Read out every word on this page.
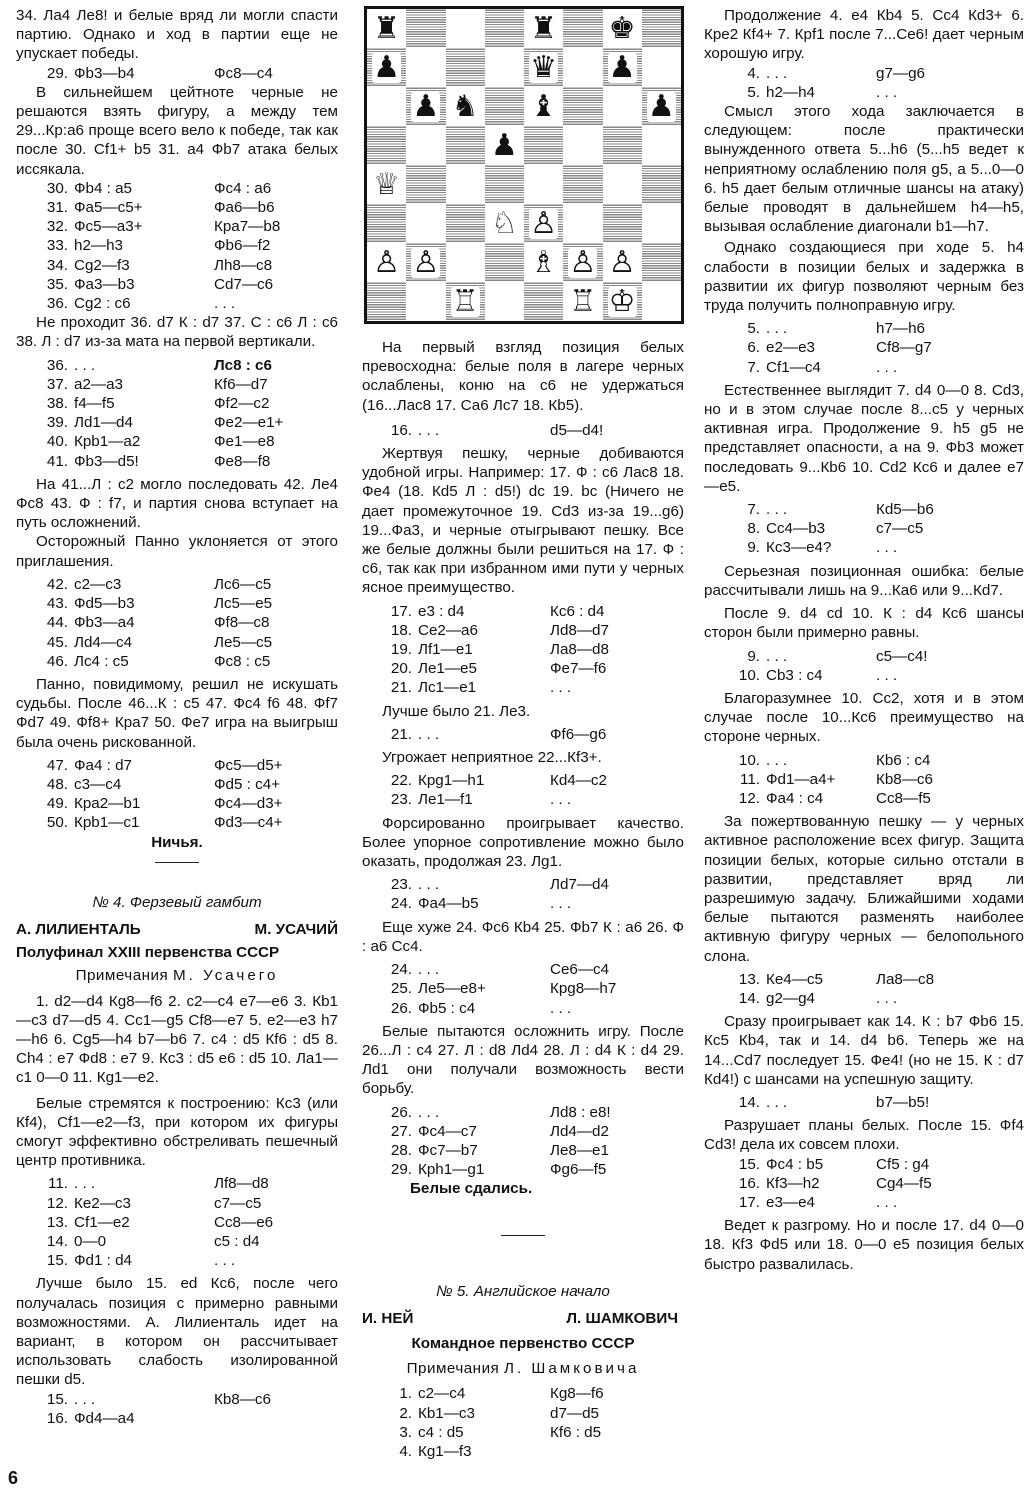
34. Ла4 Ле8! и белые вряд ли могли спасти партию. Однако и ход в партии еще не упускает победы.

29. Фb3—b4	Фc8—c4

В сильнейшем цейтноте черные не решаются взять фигуру, а между тем 29...Кр:а6 проще всего вело к победе, так как после 30. Cf1+ b5 31. а4 Фb7 атака белых иссякала.

30. Фb4 : а5	Фc4 : а6
31. Фа5—c5+	Фа6—b6
32. Фc5—а3+	Кра7—b8
33. h2—h3	Фb6—f2
34. Cg2—f3	Лh8—c8
35. Фа3—b3	Cd7—c6
36. Cg2 : c6	. . .

Не проходит 36. d7 К : d7 37. С : с6 Л : с6 38. Л : d7 из-за мата на первой вертикали.

36. . . .	Лc8 : c6
37. а2—а3	Кf6—d7
38. f4—f5	Фf2—c2
39. Лd1—d4	Фе2—е1+
40. Крb1—а2	Фе1—е8
41. Фb3—d5!	Фе8—f8

На 41...Л : с2 могло последовать 42. Ле4 Фс8 43. Ф : f7, и партия снова вступает на путь осложнений.

Осторожный Панно уклоняется от этого приглашения.

42. c2—c3	Лc6—c5
43. Фd5—b3	Лc5—е5
44. Фb3—а4	Фf8—c8
45. Лd4—c4	Ле5—c5
46. Лc4 : c5	Фc8 : c5

Панно, повидимому, решил не искушать судьбы. После 46...К : с5 47. Фс4 f6 48. Фf7 Фd7 49. Фf8+ Кра7 50. Фе7 игра на выигрыш была очень рискованной.

47. Фа4 : d7	Фc5—d5+
48. c3—c4	Фd5 : c4+
49. Кра2—b1	Фc4—d3+
50. Крb1—c1	Фd3—c4+
Ничья.
№ 4. Ферзевый гамбит
А. ЛИЛИЕНТАЛЬ	М. УСАЧИЙ
Полуфинал XXIII первенства СССР
Примечания М. Усачего

1. d2—d4 Кg8—f6 2. c2—c4 е7—е6 3. Кb1—c3 d7—d5 4. Cc1—g5 Cf8—е7 5. е2—е3 h7—h6 6. Cg5—h4 b7—b6 7. c4 : d5 Кf6 : d5 8. Ch4 : е7 Фd8 : е7 9. Кc3 : d5 е6 : d5 10. Ла1—c1 0—0 11. Кg1—е2.

Белые стремятся к построению: Кс3 (или Кf4), Cf1—е2—f3, при котором их фигуры смогут эффективно обстреливать пешечный центр противника.

11. . . .	Лf8—d8
12. Ке2—c3	c7—c5
13. Cf1—е2	Cc8—е6
14. 0—0	c5 : d4
15. Фd1 : d4	. . .

Лучше было 15. еd Кс6, после чего получалась позиция с примерно равными возможностями. А. Лилиенталь идет на вариант, в котором он рассчитывает использовать слабость изолированной пешки d5.

15. . . .	Кb8—c6
16. Фd4—а4
♜	♜ ♚
♟	♛ ♟
♟ ♞ ♝	♟
♟
♕
♘ ♙
♙ ♙	♗ ♙ ♙
♖	♖ ♔

На первый взгляд позиция белых превосходна: белые поля в лагере черных ослаблены, коню на с6 не удержаться (16...Лас8 17. Са6 Лс7 18. Кb5).

16. . . .	d5—d4!

Жертвуя пешку, черные добиваются удобной игры. Например: 17. Ф : с6 Лас8 18. Фе4 (18. Кd5 Л : d5!) dc 19. bc (Ничего не дает промежуточное 19. Cd3 из-за 19...g6) 19...Фа3, и черные отыгрывают пешку. Все же белые должны были решиться на 17. Ф : с6, так как при избранном ими пути у черных ясное преимущество.

17. е3 : d4	Кc6 : d4
18. Cе2—а6	Лd8—d7
19. Лf1—е1	Ла8—d8
20. Ле1—е5	Фе7—f6
21. Лc1—е1	. . .

Лучше было 21. Ле3.

21. . . .	Фf6—g6

Угрожает неприятное 22...Кf3+.

22. Крg1—h1	Кd4—c2
23. Ле1—f1	. . .

Форсированно проигрывает качество. Более упорное сопротивление можно было оказать, продолжая 23. Лg1.

23. . . .	Лd7—d4
24. Фа4—b5	. . .

Еще хуже 24. Фс6 Кb4 25. Фb7 К : а6 26. Ф : а6 Сс4.

24. . . .	Cе6—c4
25. Ле5—е8+	Крg8—h7
26. Фb5 : c4	. . .

Белые пытаются осложнить игру. После 26...Л : с4 27. Л : d8 Лd4 28. Л : d4 К : d4 29. Лd1 они получали возможность вести борьбу.

26. . . .	Лd8 : е8!
27. Фc4—c7	Лd4—d2
28. Фc7—b7	Ле8—е1
29. Крh1—g1	Фg6—f5
Белые сдались.
№ 5. Английское начало
И. НЕЙ	Л. ШАМКОВИЧ
Командное первенство СССР
Примечания Л. Шамковича
1. c2—c4	Кg8—f6
2. Кb1—c3	d7—d5
3. c4 : d5	Кf6 : d5
4. Кg1—f3

Продолжение 4. е4 Кb4 5. Сс4 Кd3+ 6. Кре2 Кf4+ 7. Крf1 после 7...Се6! дает черным хорошую игру.

4. . . .	g7—g6
5. h2—h4	. . .

Смысл этого хода заключается в следующем: после практически вынужденного ответа 5...h6 (5...h5 ведет к неприятному ослаблению поля g5, а 5...0—0 6. h5 дает белым отличные шансы на атаку) белые проводят в дальнейшем h4—h5, вызывая ослабление диагонали b1—h7.

Однако создающиеся при ходе 5. h4 слабости в позиции белых и задержка в развитии их фигур позволяют черным без труда получить полноправную игру.

5. . . .	h7—h6
6. е2—е3	Cf8—g7
7. Cf1—c4	. . .

Естественнее выглядит 7. d4 0—0 8. Cd3, но и в этом случае после 8...с5 у черных активная игра. Продолжение 9. h5 g5 не представляет опасности, а на 9. Фb3 может последовать 9...Кb6 10. Cd2 Кс6 и далее е7—е5.

7. . . .	Кd5—b6
8. Cc4—b3	c7—c5
9. Кc3—е4?	. . .

Серьезная позиционная ошибка: белые рассчитывали лишь на 9...Ка6 или 9...Кd7.

После 9. d4 cd 10. К : d4 Кс6 шансы сторон были примерно равны.

9. . . .	c5—c4!
10. Cb3 : c4	. . .

Благоразумнее 10. Сс2, хотя и в этом случае после 10...Кс6 преимущество на стороне черных.

10. . . .	Кb6 : c4
11. Фd1—а4+	Кb8—c6
12. Фа4 : c4	Cc8—f5

За пожертвованную пешку — у черных активное расположение всех фигур. Защита позиции белых, которые сильно отстали в развитии, представляет вряд ли разрешимую задачу. Ближайшими ходами белые пытаются разменять наиболее активную фигуру черных — белопольного слона.

13. Ке4—c5	Ла8—c8
14. g2—g4	. . .

Сразу проигрывает как 14. К : b7 Фb6 15. Кс5 Кb4, так и 14. d4 b6. Теперь же на 14...Cd7 последует 15. Фе4! (но не 15. К : d7 Кd4!) с шансами на успешную защиту.

14. . . .	b7—b5!

Разрушает планы белых. После 15. Фf4 Cd3! дела их совсем плохи.

15. Фc4 : b5	Cf5 : g4
16. Кf3—h2	Cg4—f5
17. е3—е4	. . .

Ведет к разгрому. Но и после 17. d4 0—0 18. Кf3 Фd5 или 18. 0—0 е5 позиция белых быстро развалилась.

6
